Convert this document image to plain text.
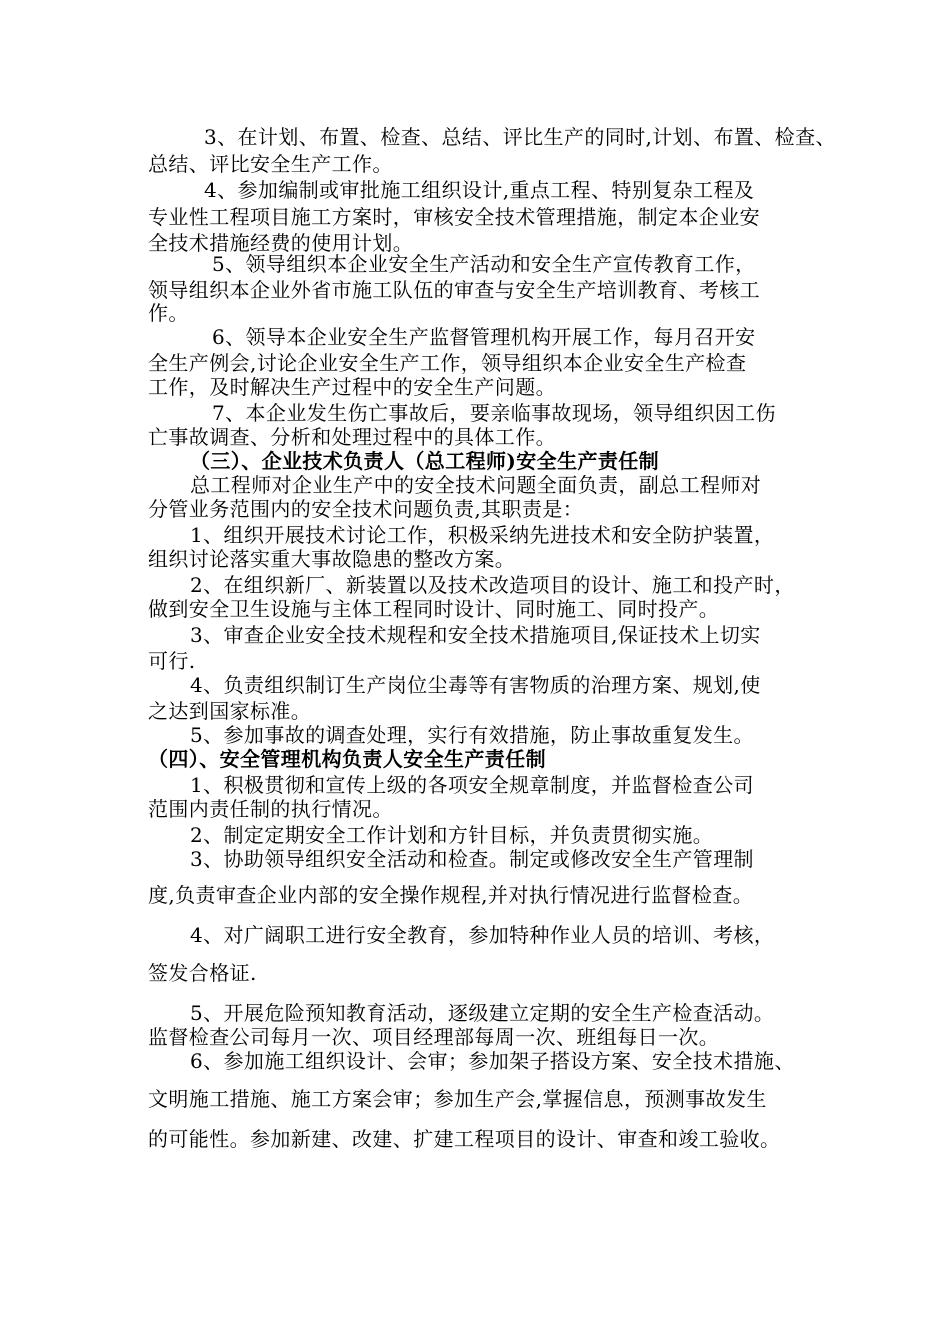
3、在计划、布置、检查、总结、评比生产的同时,计划、布置、检查、
总结、评比安全生产工作。
4、参加编制或审批施工组织设计,重点工程、特别复杂工程及
专业性工程项目施工方案时，审核安全技术管理措施，制定本企业安
全技术措施经费的使用计划。
5、领导组织本企业安全生产活动和安全生产宣传教育工作，
领导组织本企业外省市施工队伍的审查与安全生产培训教育、考核工
作。
6、领导本企业安全生产监督管理机构开展工作，每月召开安
全生产例会,讨论企业安全生产工作，领导组织本企业安全生产检查
工作，及时解决生产过程中的安全生产问题。
7、本企业发生伤亡事故后，要亲临事故现场，领导组织因工伤
亡事故调查、分析和处理过程中的具体工作。
（三）、企业技术负责人（总工程师)安全生产责任制
总工程师对企业生产中的安全技术问题全面负责，副总工程师对
分管业务范围内的安全技术问题负责,其职责是：
1、组织开展技术讨论工作，积极采纳先进技术和安全防护装置，
组织讨论落实重大事故隐患的整改方案。
2、在组织新厂、新装置以及技术改造项目的设计、施工和投产时，
做到安全卫生设施与主体工程同时设计、同时施工、同时投产。
3、审查企业安全技术规程和安全技术措施项目,保证技术上切实
可行.
4、负责组织制订生产岗位尘毒等有害物质的治理方案、规划,使
之达到国家标准。
5、参加事故的调查处理，实行有效措施，防止事故重复发生。
（四）、安全管理机构负责人安全生产责任制
1、积极贯彻和宣传上级的各项安全规章制度，并监督检查公司
范围内责任制的执行情况。
2、制定定期安全工作计划和方针目标，并负责贯彻实施。
3、协助领导组织安全活动和检查。制定或修改安全生产管理制
度,负责审查企业内部的安全操作规程,并对执行情况进行监督检查。
4、对广阔职工进行安全教育，参加特种作业人员的培训、考核，
签发合格证.
5、开展危险预知教育活动，逐级建立定期的安全生产检查活动。
监督检查公司每月一次、项目经理部每周一次、班组每日一次。
6、参加施工组织设计、会审；参加架子搭设方案、安全技术措施、
文明施工措施、施工方案会审；参加生产会,掌握信息，预测事故发生
的可能性。参加新建、改建、扩建工程项目的设计、审查和竣工验收。
